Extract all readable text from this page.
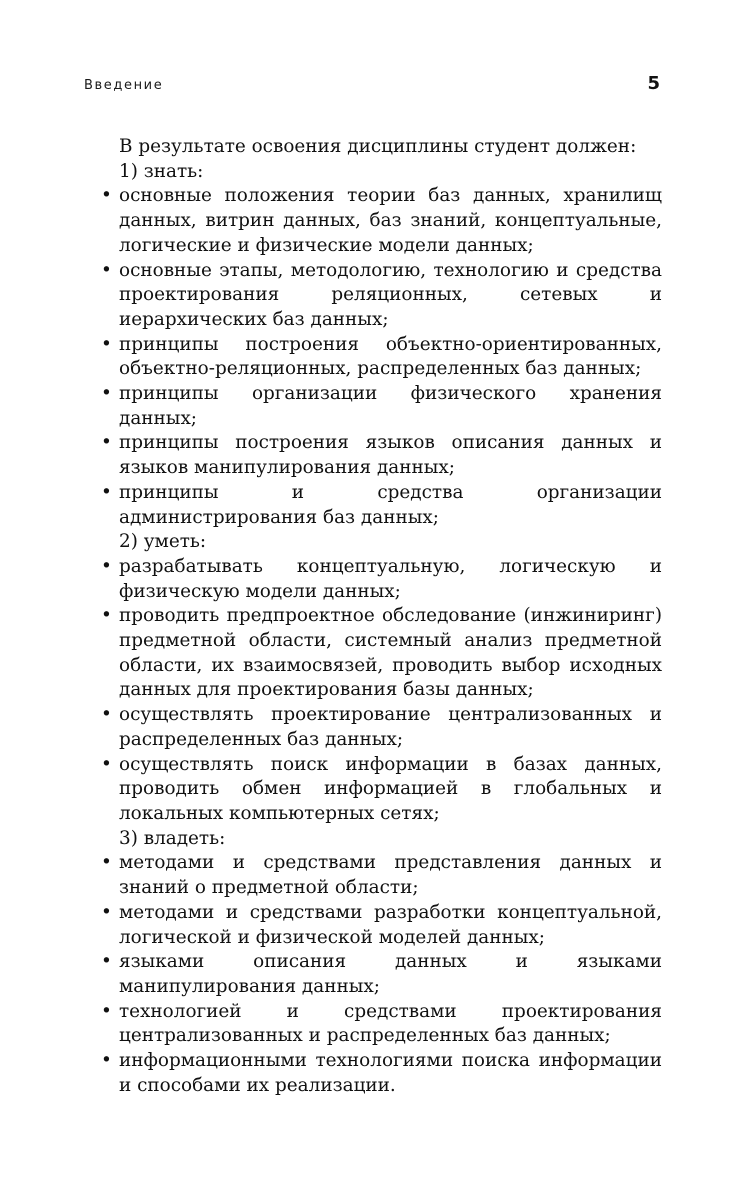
Введение	5
В результате освоения дисциплины студент должен:
1) знать:
• основные положения теории баз данных, хранилищ данных, витрин данных, баз знаний, концептуальные, логические и физические модели данных;
• основные этапы, методологию, технологию и средства проектирования реляционных, сетевых и иерархических баз данных;
• принципы построения объектно-ориентированных, объектно-реляционных, распределенных баз данных;
• принципы организации физического хранения данных;
• принципы построения языков описания данных и языков манипулирования данных;
• принципы и средства организации администрирования баз данных;
2) уметь:
• разрабатывать концептуальную, логическую и физическую модели данных;
• проводить предпроектное обследование (инжиниринг) предметной области, системный анализ предметной области, их взаимосвязей, проводить выбор исходных данных для проектирования базы данных;
• осуществлять проектирование централизованных и распределенных баз данных;
• осуществлять поиск информации в базах данных, проводить обмен информацией в глобальных и локальных компьютерных сетях;
3) владеть:
• методами и средствами представления данных и знаний о предметной области;
• методами и средствами разработки концептуальной, логической и физической моделей данных;
• языками описания данных и языками манипулирования данных;
• технологией и средствами проектирования централизованных и распределенных баз данных;
• информационными технологиями поиска информации и способами их реализации.
